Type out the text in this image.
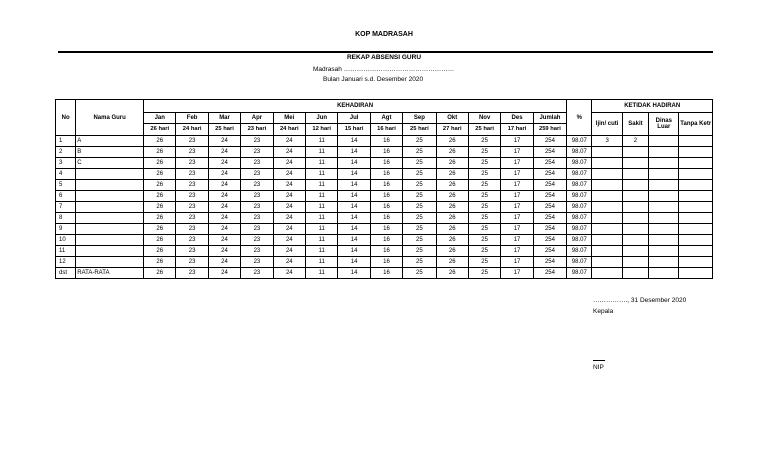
KOP MADRASAH
REKAP ABSENSI GURU
Madrasah ……………………………………………
Bulan Januari s.d. Desember 2020
No	Nama Guru	KEHADIRAN													%	KETIDAK HADIRAN			
		Jan	Feb	Mar	Apr	Mei	Jun	Jul	Agt	Sep	Okt	Nov	Des	Jumlah		Ijin/ cuti	Sakit	Dinas Luar	Tanpa Ketr
		26 hari	24 hari	25 hari	23 hari	24 hari	12 hari	15 hari	16 hari	25 hari	27 hari	25 hari	17 hari	259 hari					
1	A	26	23	24	23	24	11	14	16	25	26	25	17	254	98.07	3	2		
2	B	26	23	24	23	24	11	14	16	25	26	25	17	254	98.07				
3	C	26	23	24	23	24	11	14	16	25	26	25	17	254	98.07				
4		26	23	24	23	24	11	14	16	25	26	25	17	254	98.07				
5		26	23	24	23	24	11	14	16	25	26	25	17	254	98.07				
6		26	23	24	23	24	11	14	16	25	26	25	17	254	98.07				
7		26	23	24	23	24	11	14	16	25	26	25	17	254	98.07				
8		26	23	24	23	24	11	14	16	25	26	25	17	254	98.07				
9		26	23	24	23	24	11	14	16	25	26	25	17	254	98.07				
10		26	23	24	23	24	11	14	16	25	26	25	17	254	98.07				
11		26	23	24	23	24	11	14	16	25	26	25	17	254	98.07				
12		26	23	24	23	24	11	14	16	25	26	25	17	254	98.07				
dst	RATA-RATA	26	23	24	23	24	11	14	16	25	26	25	17	254	98.07				
……………., 31 Desember 2020
Kepala
NIP
